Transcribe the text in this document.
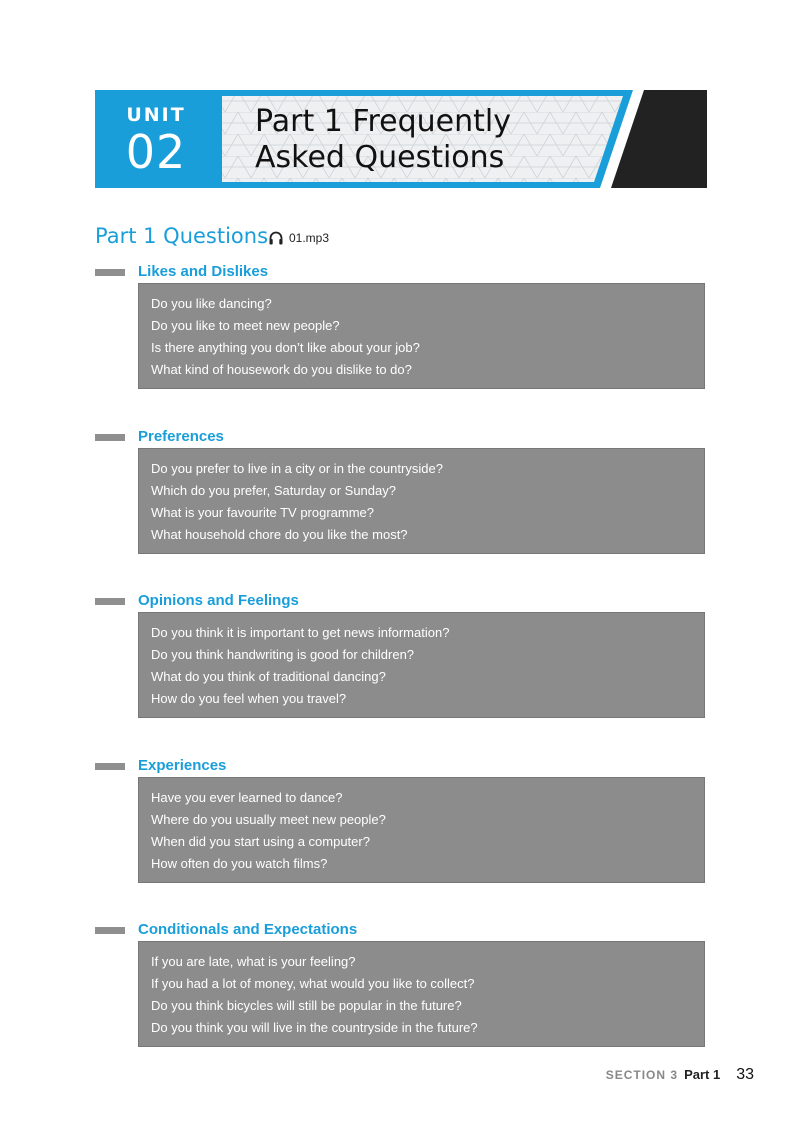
UNIT
02
Part 1 Frequently
Asked Questions
Part 1 Questions 01.mp3
Likes and Dislikes
Do you like dancing?
Do you like to meet new people?
Is there anything you don’t like about your job?
What kind of housework do you dislike to do?
Preferences
Do you prefer to live in a city or in the countryside?
Which do you prefer, Saturday or Sunday?
What is your favourite TV programme?
What household chore do you like the most?
Opinions and Feelings
Do you think it is important to get news information?
Do you think handwriting is good for children?
What do you think of traditional dancing?
How do you feel when you travel?
Experiences
Have you ever learned to dance?
Where do you usually meet new people?
When did you start using a computer?
How often do you watch films?
Conditionals and Expectations
If you are late, what is your feeling?
If you had a lot of money, what would you like to collect?
Do you think bicycles will still be popular in the future?
Do you think you will live in the countryside in the future?
SECTION 3 Part 1 33
